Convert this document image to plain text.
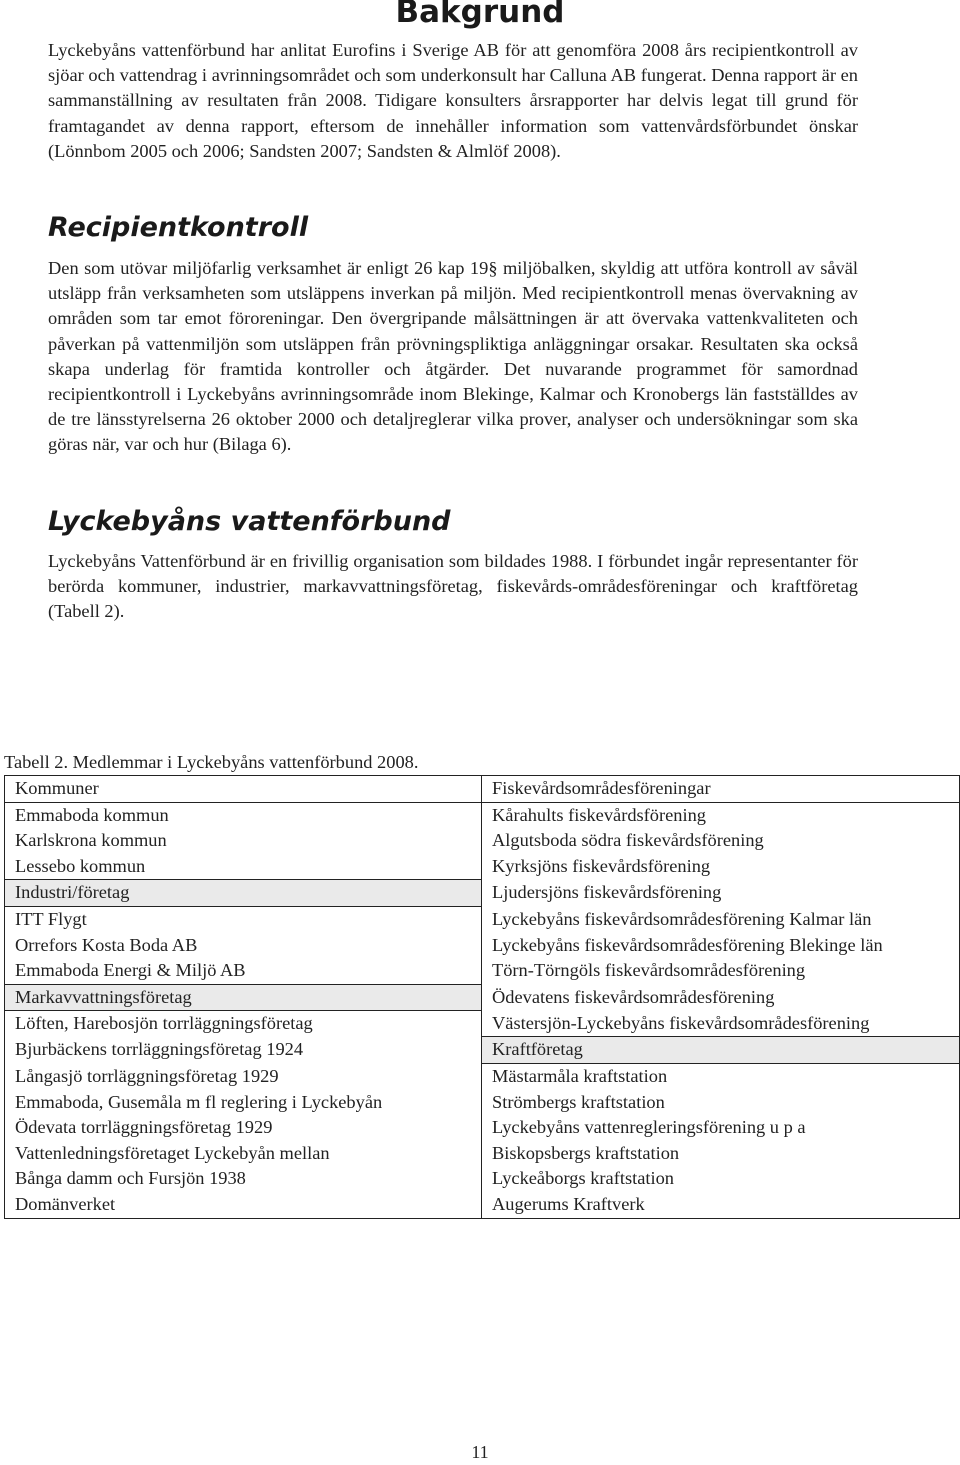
Bakgrund

Lyckebyåns vattenförbund har anlitat Eurofins i Sverige AB för att genomföra 2008 års recipientkontroll av sjöar och vattendrag i avrinningsområdet och som underkonsult har Calluna AB fungerat. Denna rapport är en sammanställning av resultaten från 2008. Tidigare konsulters årsrapporter har delvis legat till grund för framtagandet av denna rapport, eftersom de innehåller information som vattenvårdsförbundet önskar (Lönnbom 2005 och 2006; Sandsten 2007; Sandsten & Almlöf 2008).

Recipientkontroll

Den som utövar miljöfarlig verksamhet är enligt 26 kap 19§ miljöbalken, skyldig att utföra kontroll av såväl utsläpp från verksamheten som utsläppens inverkan på miljön. Med recipientkontroll menas övervakning av områden som tar emot föroreningar. Den övergripande målsättningen är att övervaka vattenkvaliteten och påverkan på vattenmiljön som utsläppen från prövningspliktiga anläggningar orsakar. Resultaten ska också skapa underlag för framtida kontroller och åtgärder. Det nuvarande programmet för samordnad recipientkontroll i Lyckebyåns avrinningsområde inom Blekinge, Kalmar och Kronobergs län fastställdes av de tre länsstyrelserna 26 oktober 2000 och detaljreglerar vilka prover, analyser och undersökningar som ska göras när, var och hur (Bilaga 6).

Lyckebyåns vattenförbund

Lyckebyåns Vattenförbund är en frivillig organisation som bildades 1988. I förbundet ingår representanter för berörda kommuner, industrier, markavvattningsföretag, fiskevårds-områdesföreningar och kraftföretag (Tabell 2).

Tabell 2. Medlemmar i Lyckebyåns vattenförbund 2008.

Kommuner	Fiskevårdsområdesföreningar
Emmaboda kommun	Kårahults fiskevårdsförening
Karlskrona kommun	Algutsboda södra fiskevårdsförening
Lessebo kommun	Kyrksjöns fiskevårdsförening
Industri/företag	Ljudersjöns fiskevårdsförening
ITT Flygt	Lyckebyåns fiskevårdsområdesförening Kalmar län
Orrefors Kosta Boda AB	Lyckebyåns fiskevårdsområdesförening Blekinge län
Emmaboda Energi & Miljö AB	Törn-Törngöls fiskevårdsområdesförening
Markavvattningsföretag	Ödevatens fiskevårdsområdesförening
Löften, Harebosjön torrläggningsföretag	Västersjön-Lyckebyåns fiskevårdsområdesförening
Bjurbäckens torrläggningsföretag 1924	Kraftföretag
Långasjö torrläggningsföretag 1929	Mästarmåla kraftstation
Emmaboda, Gusemåla m fl reglering i Lyckebyån	Strömbergs kraftstation
Ödevata torrläggningsföretag 1929	Lyckebyåns vattenregleringsförening u p a
Vattenledningsföretaget Lyckebyån mellan	Biskopsbergs kraftstation
Bånga damm och Fursjön 1938	Lyckeåborgs kraftstation
Domänverket	Augerums Kraftverk

11
